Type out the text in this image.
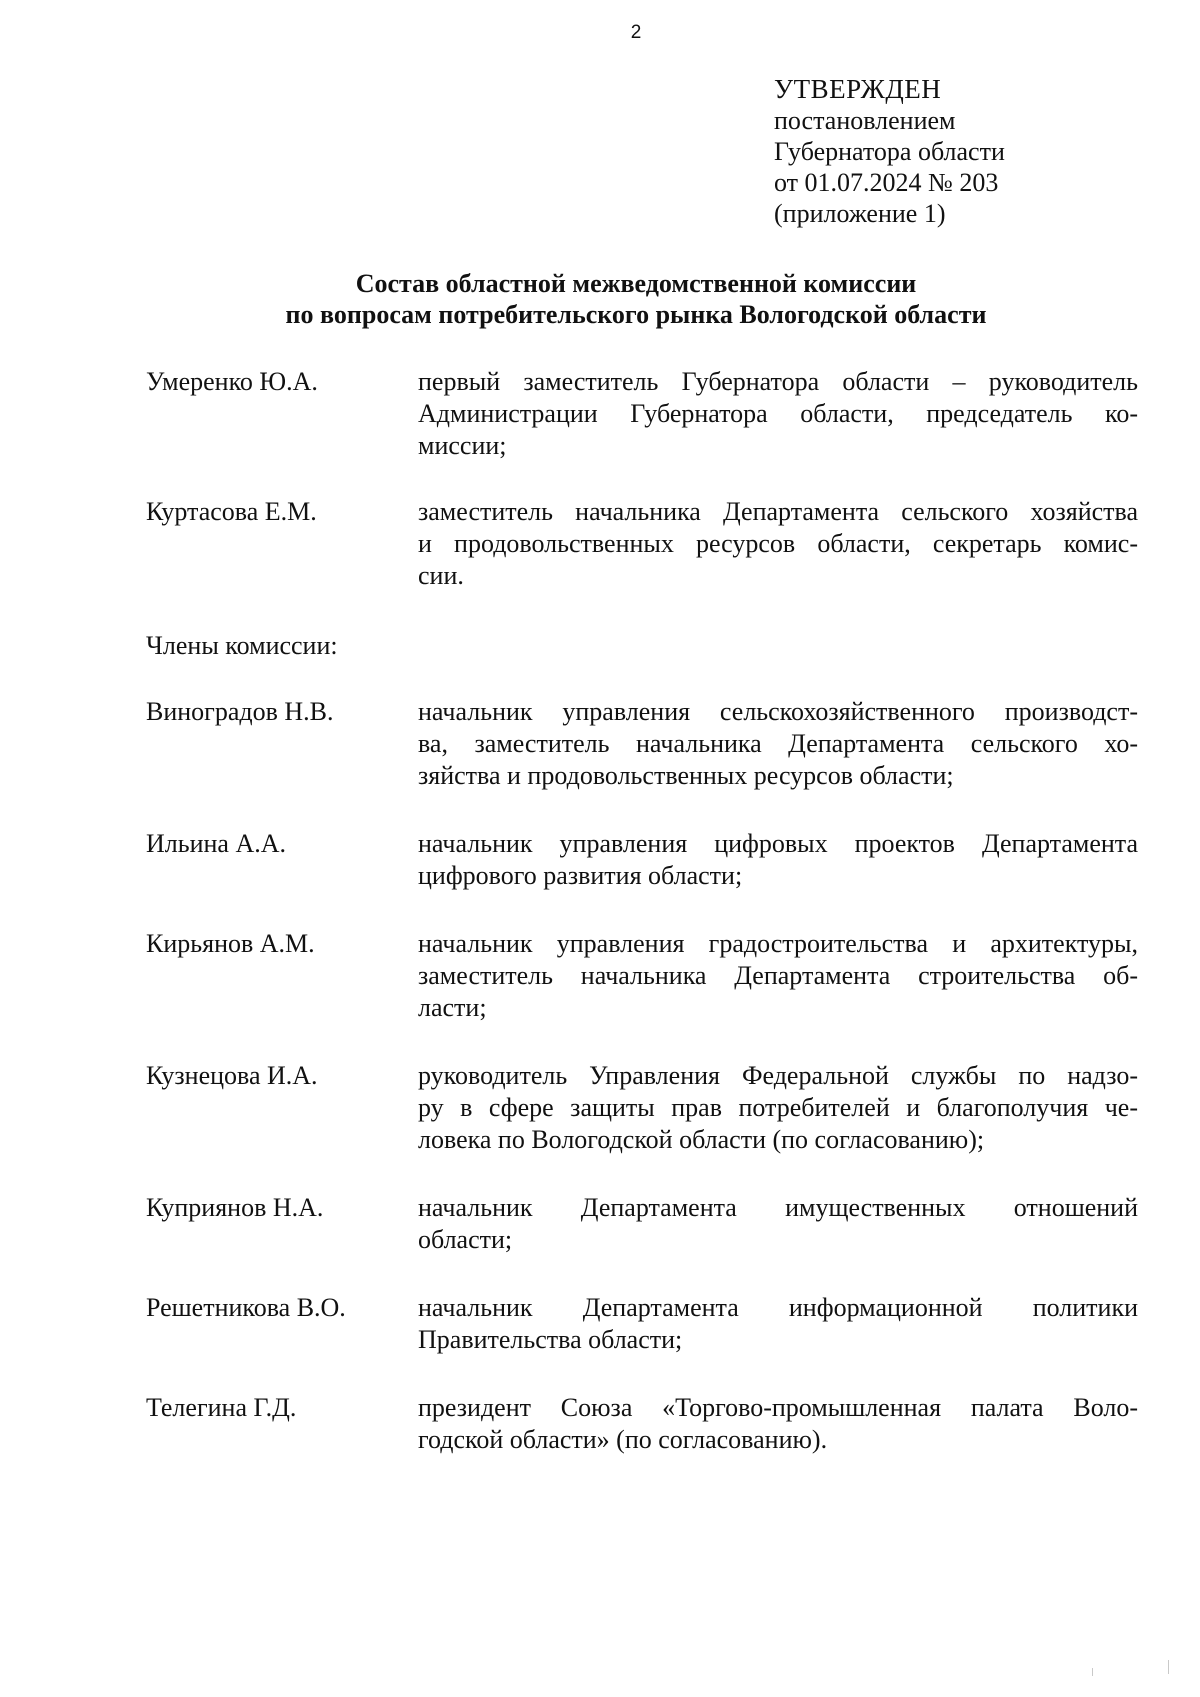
2
УТВЕРЖДЕН
постановлением
Губернатора области
от 01.07.2024 № 203
(приложение 1)
Состав областной межведомственной комиссии
по вопросам потребительского рынка Вологодской области
Умеренко Ю.А.	первый заместитель Губернатора области – руководитель
Администрации Губернатора области, председатель ко-
миссии;
Куртасова Е.М.	заместитель начальника Департамента сельского хозяйства
и продовольственных ресурсов области, секретарь комис-
сии.
Члены комиссии:
Виноградов Н.В.	начальник управления сельскохозяйственного производст-
ва, заместитель начальника Департамента сельского хо-
зяйства и продовольственных ресурсов области;
Ильина А.А.	начальник управления цифровых проектов Департамента
цифрового развития области;
Кирьянов А.М.	начальник управления градостроительства и архитектуры,
заместитель начальника Департамента строительства об-
ласти;
Кузнецова И.А.	руководитель Управления Федеральной службы по надзо-
ру в сфере защиты прав потребителей и благополучия че-
ловека по Вологодской области (по согласованию);
Куприянов Н.А.	начальник Департамента имущественных отношений
области;
Решетникова В.О.	начальник Департамента информационной политики
Правительства области;
Телегина Г.Д.	президент Союза «Торгово-промышленная палата Воло-
годской области» (по согласованию).
